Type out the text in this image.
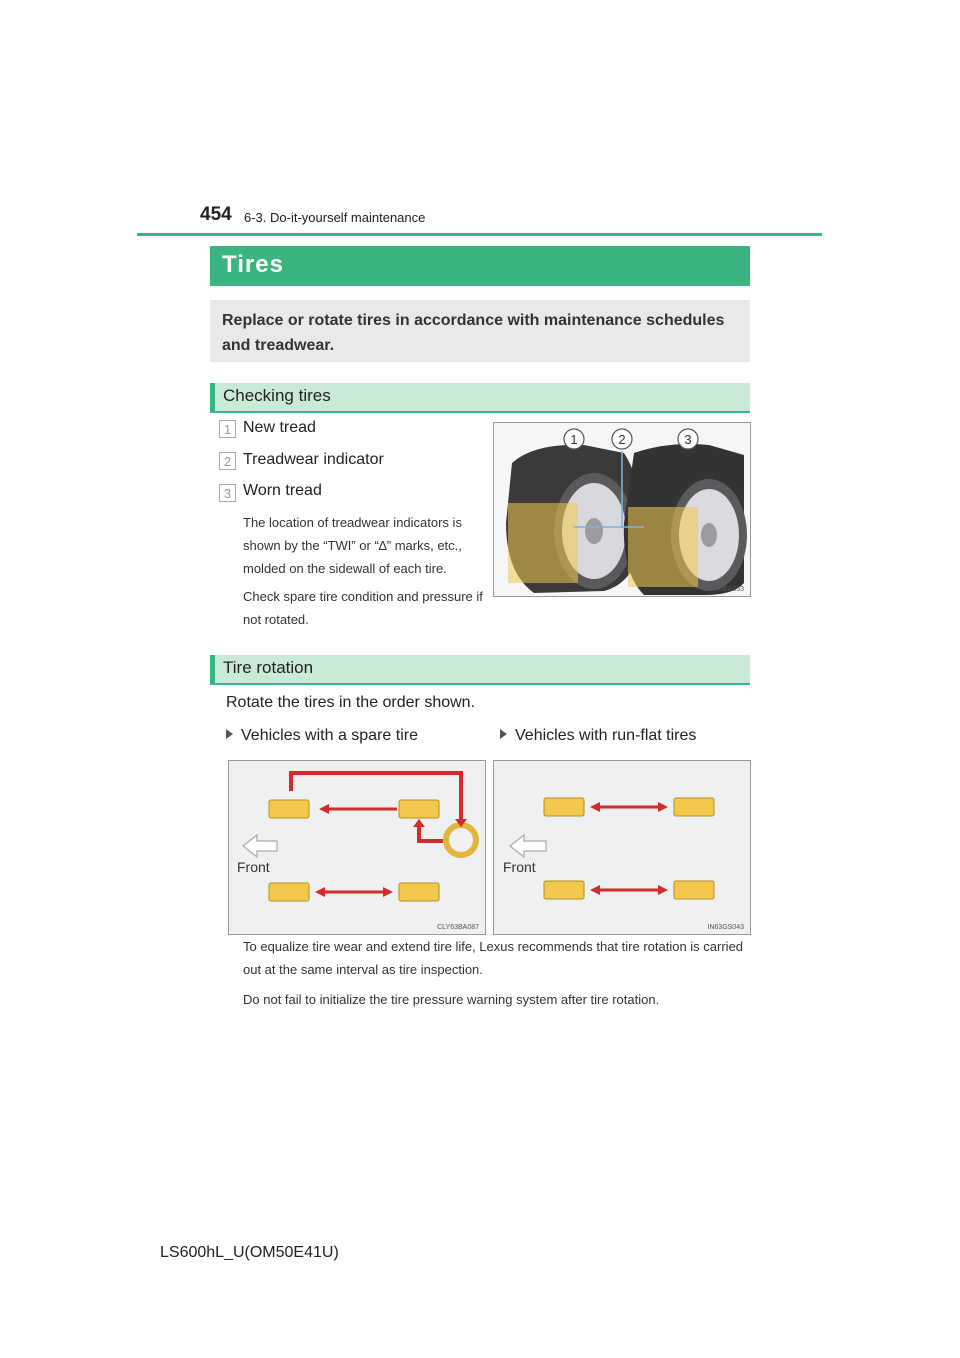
454 6-3. Do-it-yourself maintenance
Tires
Replace or rotate tires in accordance with maintenance schedules and treadwear.
Checking tires
1 New tread
2 Treadwear indicator
3 Worn tread
The location of treadwear indicators is shown by the “TWI” or “∆” marks, etc., molded on the sidewall of each tire.
Check spare tire condition and pressure if not rotated.
1	2	3
CLY63BA053
Tire rotation
Rotate the tires in the order shown.
Vehicles with a spare tire	Vehicles with run-flat tires
Front
CLY63BA087
Front
IN63GS043
To equalize tire wear and extend tire life, Lexus recommends that tire rotation is carried out at the same interval as tire inspection.
Do not fail to initialize the tire pressure warning system after tire rotation.
LS600hL_U(OM50E41U)
